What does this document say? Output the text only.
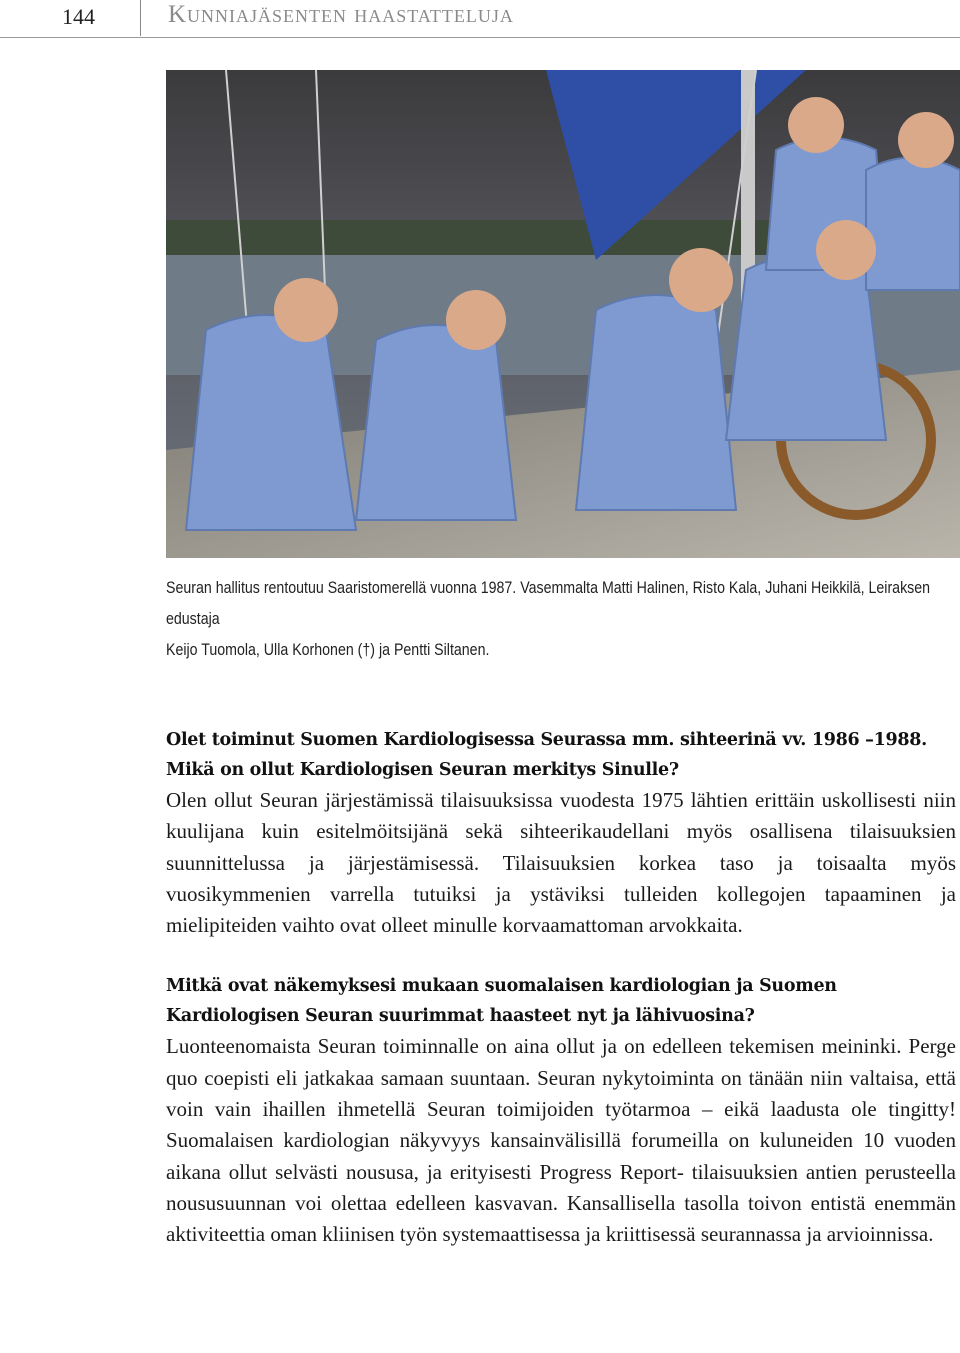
144	Kunniajäsenten haastatteluja
Seuran hallitus rentoutuu Saaristomerellä vuonna 1987. Vasemmalta Matti Halinen, Risto Kala, Juhani Heikkilä, Leiraksen edustaja
Keijo Tuomola, Ulla Korhonen (†) ja Pentti Siltanen.

Olet toiminut Suomen Kardiologisessa Seurassa mm. sihteerinä vv. 1986 –1988. Mikä on ollut Kardiologisen Seuran merkitys Sinulle?

Olen ollut Seuran järjestämissä tilaisuuksissa vuodesta 1975 lähtien erittäin uskollisesti niin kuulijana kuin esitelmöitsijänä sekä sihteerikaudellani myös osallisena tilaisuuksien suunnittelussa ja järjestämisessä. Tilaisuuksien korkea taso ja toisaalta myös vuosikymmenien varrella tutuiksi ja ystäviksi tulleiden kollegojen tapaaminen ja mielipiteiden vaihto ovat olleet minulle korvaamattoman arvokkaita.

Mitkä ovat näkemyksesi mukaan suomalaisen kardiologian ja Suomen Kardiologisen Seuran suurimmat haasteet nyt ja lähivuosina?

Luonteenomaista Seuran toiminnalle on aina ollut ja on edelleen tekemisen meininki. Perge quo coepisti eli jatkakaa samaan suuntaan. Seuran nykytoiminta on tänään niin valtaisa, että voin vain ihaillen ihmetellä Seuran toimijoiden työtarmoa – eikä laadusta ole tingitty! Suomalaisen kardiologian näkyvyys kansainvälisillä forumeilla on kuluneiden 10 vuoden aikana ollut selvästi noususa, ja erityisesti Progress Report- tilaisuuksien antien perusteella noususuunnan voi olettaa edelleen kasvavan. Kansallisella tasolla toivon entistä enemmän aktiviteettia oman kliinisen työn systemaattisessa ja kriittisessä seurannassa ja arvioinnissa.
